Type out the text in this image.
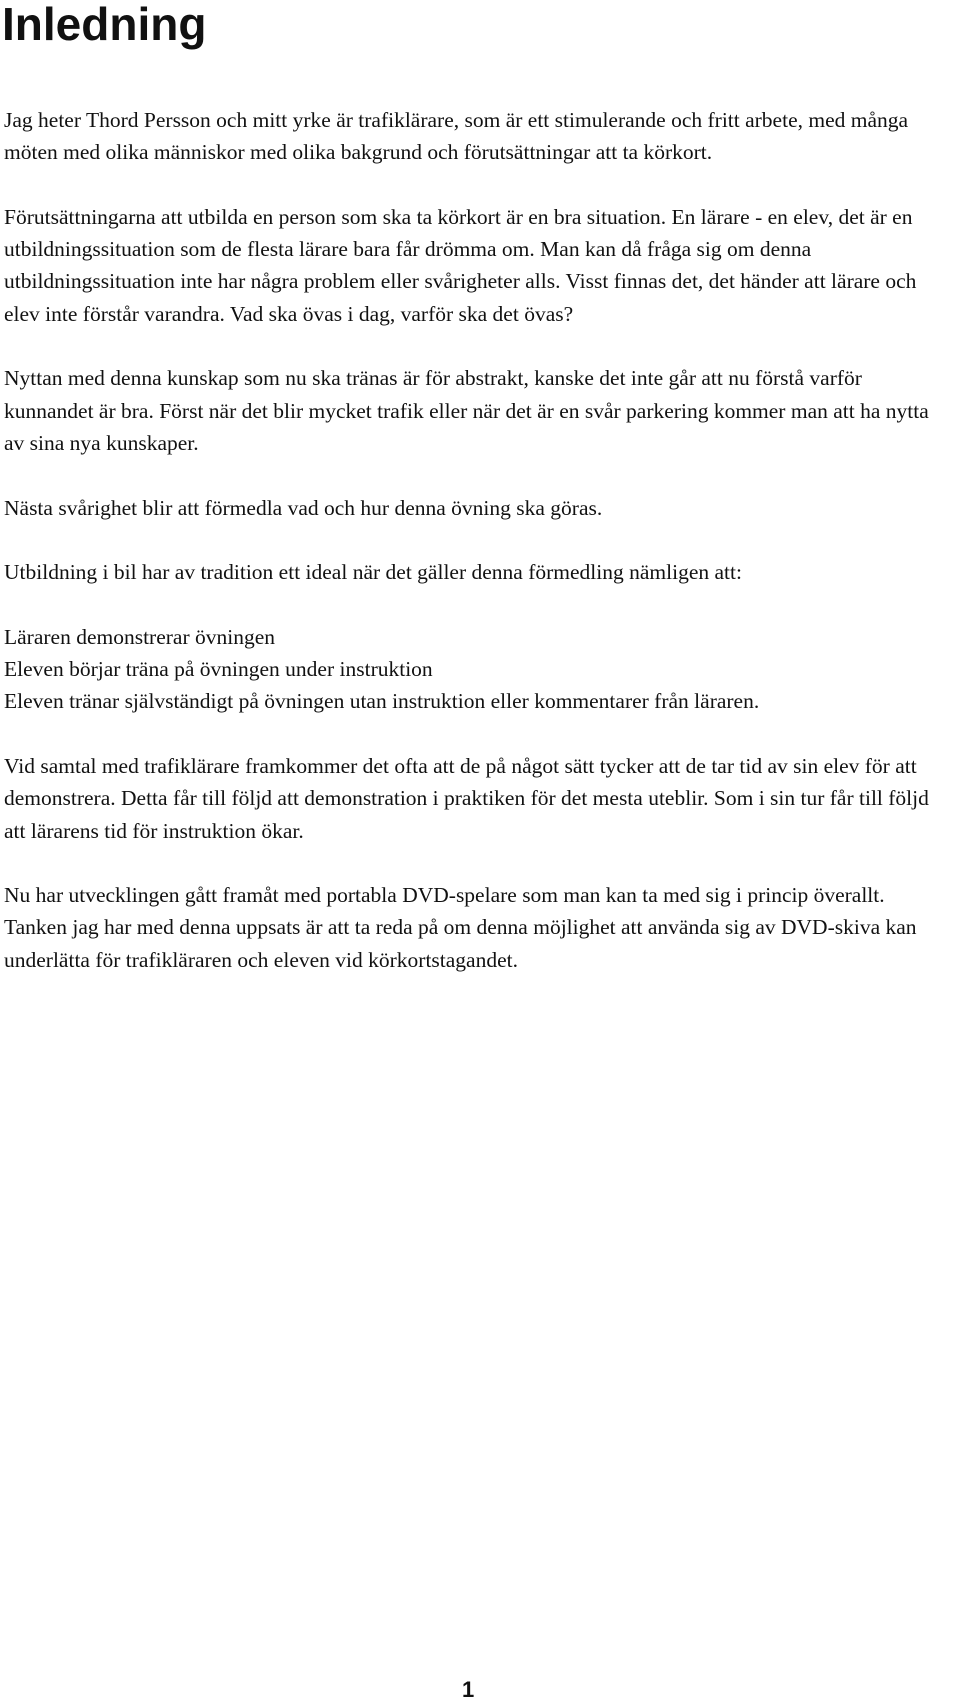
Inledning

Jag heter Thord Persson och mitt yrke är trafiklärare, som är ett stimulerande och fritt arbete, med många möten med olika människor med olika bakgrund och förutsättningar att ta körkort.

Förutsättningarna att utbilda en person som ska ta körkort är en bra situation. En lärare - en elev, det är en utbildningssituation som de flesta lärare bara får drömma om. Man kan då fråga sig om denna utbildningssituation inte har några problem eller svårigheter alls. Visst finnas det, det händer att lärare och elev inte förstår varandra. Vad ska övas i dag, varför ska det övas?

Nyttan med denna kunskap som nu ska tränas är för abstrakt, kanske det inte går att nu förstå varför kunnandet är bra. Först när det blir mycket trafik eller när det är en svår parkering kommer man att ha nytta av sina nya kunskaper.

Nästa svårighet blir att förmedla vad och hur denna övning ska göras.

Utbildning i bil har av tradition ett ideal när det gäller denna förmedling nämligen att:

Läraren demonstrerar övningen

Eleven börjar träna på övningen under instruktion

Eleven tränar självständigt på övningen utan instruktion eller kommentarer från läraren.

Vid samtal med trafiklärare framkommer det ofta att de på något sätt tycker att de tar tid av sin elev för att demonstrera. Detta får till följd att demonstration i praktiken för det mesta uteblir. Som i sin tur får till följd att lärarens tid för instruktion ökar.

Nu har utvecklingen gått framåt med portabla DVD-spelare som man kan ta med sig i princip överallt. Tanken jag har med denna uppsats är att ta reda på om denna möjlighet att använda sig av DVD-skiva kan underlätta för trafikläraren och eleven vid körkortstagandet.

1
